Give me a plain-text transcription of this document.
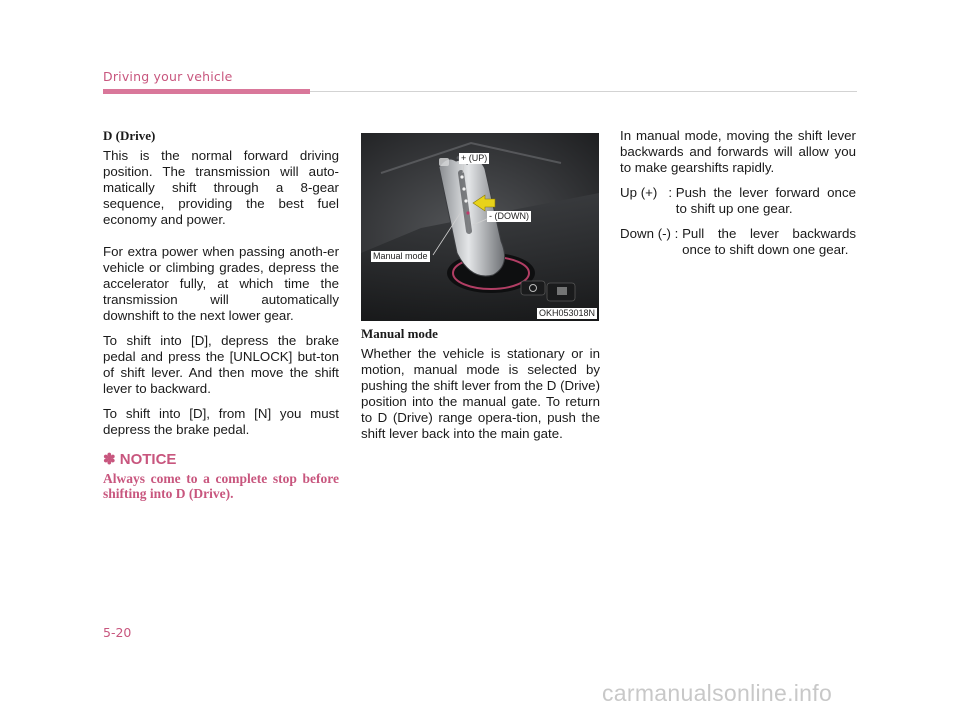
Driving your vehicle
D (Drive)

This is the normal forward driving position. The transmission will auto-matically shift through a 8-gear sequence, providing the best fuel economy and power.

For extra power when passing anoth-er vehicle or climbing grades, depress the accelerator fully, at which time the transmission will automatically downshift to the next lower gear.

To shift into [D], depress the brake pedal and press the [UNLOCK] but-ton of shift lever. And then move the shift lever to backward.

To shift into [D], from [N] you must depress the brake pedal.

✽ NOTICE
Always come to a complete stop before shifting into D (Drive).
+ (UP)
- (DOWN)
Manual mode
OKH053018N
Manual mode

Whether the vehicle is stationary or in motion, manual mode is selected by pushing the shift lever from the D (Drive) position into the manual gate. To return to D (Drive) range opera-tion, push the shift lever back into the main gate.

In manual mode, moving the shift lever backwards and forwards will allow you to make gearshifts rapidly.

Up (+)   : Push the lever forward once to shift up one gear.
Down (-) : Pull the lever backwards once to shift down one gear.
5-20
carmanualsonline.info
